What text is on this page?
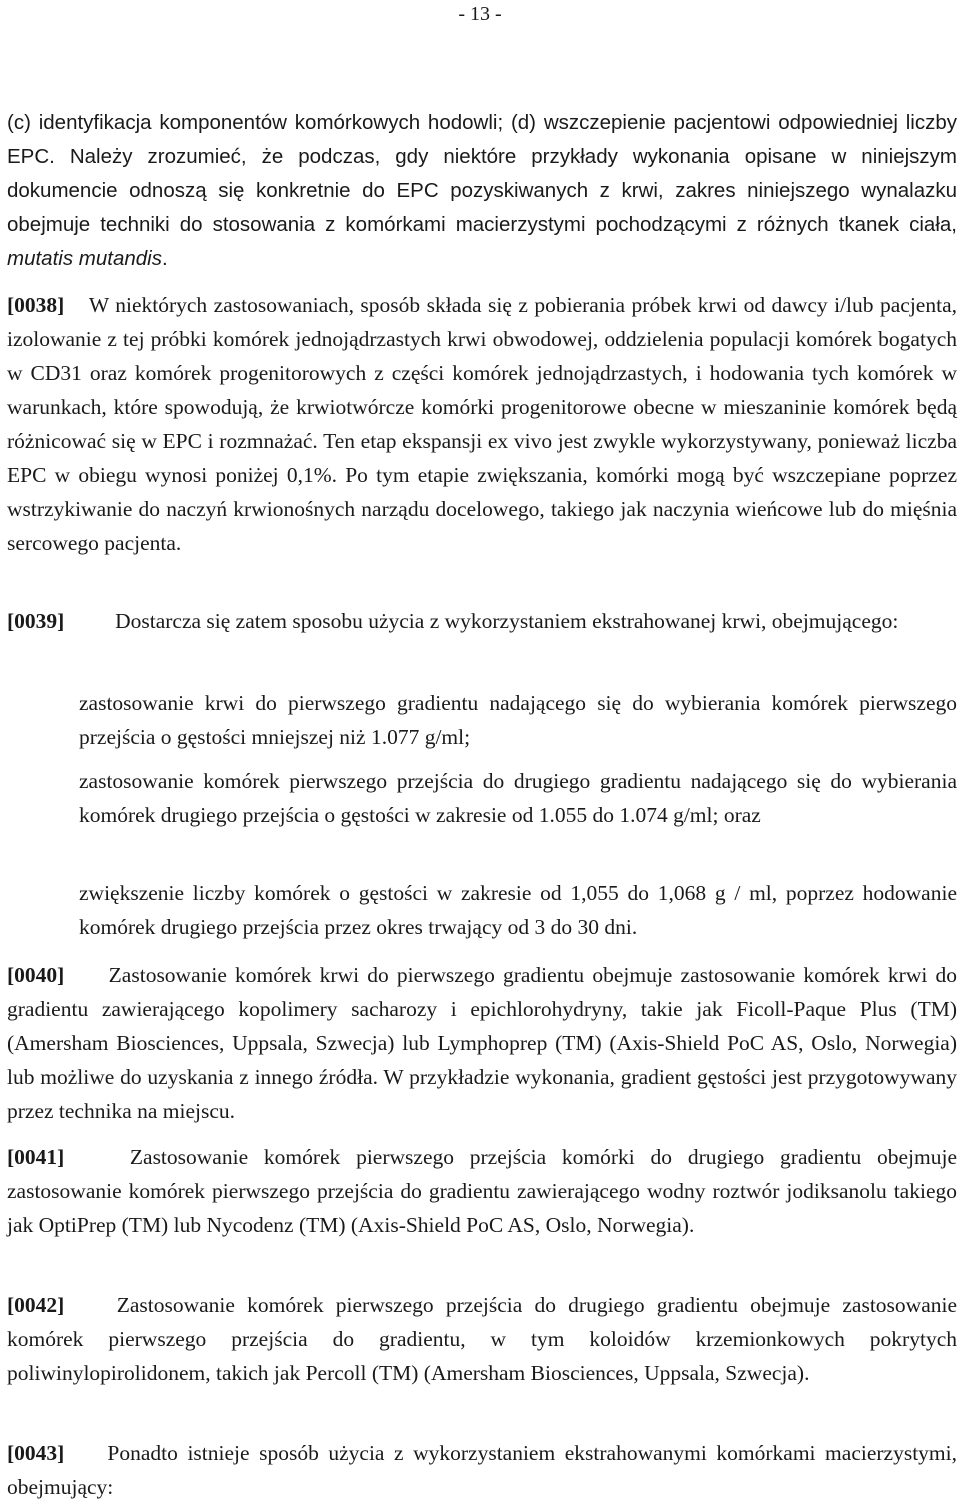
- 13 -
(c) identyfikacja komponentów komórkowych hodowli; (d) wszczepienie pacjentowi odpowiedniej liczby EPC. Należy zrozumieć, że podczas, gdy niektóre przykłady wykonania opisane w niniejszym dokumencie odnoszą się konkretnie do EPC pozyskiwanych z krwi, zakres niniejszego wynalazku obejmuje techniki do stosowania z komórkami macierzystymi pochodzącymi z różnych tkanek ciała, mutatis mutandis.
[0038] W niektórych zastosowaniach, sposób składa się z pobierania próbek krwi od dawcy i/lub pacjenta, izolowanie z tej próbki komórek jednojądrzastych krwi obwodowej, oddzielenia populacji komórek bogatych w CD31 oraz komórek progenitorowych z części komórek jednojądrzastych, i hodowania tych komórek w warunkach, które spowodują, że krwiotwórcze komórki progenitorowe obecne w mieszaninie komórek będą różnicować się w EPC i rozmnażać. Ten etap ekspansji ex vivo jest zwykle wykorzystywany, ponieważ liczba EPC w obiegu wynosi poniżej 0,1%. Po tym etapie zwiększania, komórki mogą być wszczepiane poprzez wstrzykiwanie do naczyń krwionośnych narządu docelowego, takiego jak naczynia wieńcowe lub do mięśnia sercowego pacjenta.
[0039] Dostarcza się zatem sposobu użycia z wykorzystaniem ekstrahowanej krwi, obejmującego:
zastosowanie krwi do pierwszego gradientu nadającego się do wybierania komórek pierwszego przejścia o gęstości mniejszej niż 1.077 g/ml;
zastosowanie komórek pierwszego przejścia do drugiego gradientu nadającego się do wybierania komórek drugiego przejścia o gęstości w zakresie od 1.055 do 1.074 g/ml; oraz
zwiększenie liczby komórek o gęstości w zakresie od 1,055 do 1,068 g / ml, poprzez hodowanie komórek drugiego przejścia przez okres trwający od 3 do 30 dni.
[0040] Zastosowanie komórek krwi do pierwszego gradientu obejmuje zastosowanie komórek krwi do gradientu zawierającego kopolimery sacharozy i epichlorohydryny, takie jak Ficoll-Paque Plus (TM) (Amersham Biosciences, Uppsala, Szwecja) lub Lymphoprep (TM) (Axis-Shield PoC AS, Oslo, Norwegia) lub możliwe do uzyskania z innego źródła. W przykładzie wykonania, gradient gęstości jest przygotowywany przez technika na miejscu.
[0041]	Zastosowanie komórek pierwszego przejścia komórki do drugiego gradientu obejmuje zastosowanie komórek pierwszego przejścia do gradientu zawierającego wodny roztwór jodiksanolu takiego jak OptiPrep (TM) lub Nycodenz (TM) (Axis-Shield PoC AS, Oslo, Norwegia).
[0042] Zastosowanie komórek pierwszego przejścia do drugiego gradientu obejmuje zastosowanie komórek pierwszego przejścia do gradientu, w tym koloidów krzemionkowych pokrytych poliwinylopirolidonem, takich jak Percoll (TM) (Amersham Biosciences, Uppsala, Szwecja).
[0043] Ponadto istnieje sposób użycia z wykorzystaniem ekstrahowanymi komórkami macierzystymi, obejmujący:
